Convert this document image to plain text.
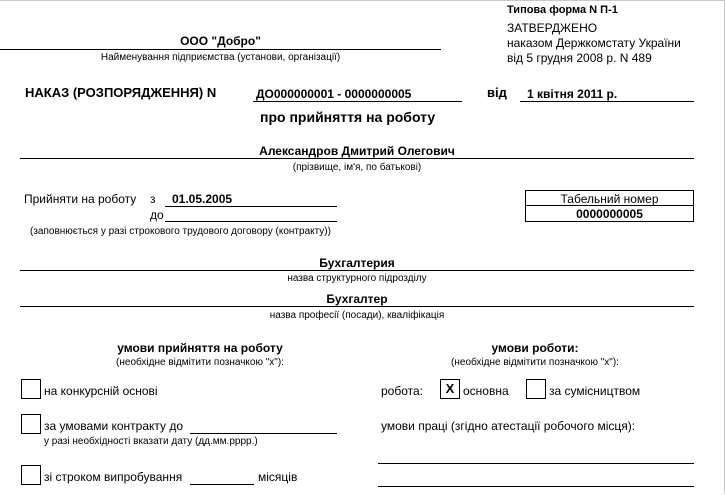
Типова форма N П-1
ЗАТВЕРДЖЕНО
наказом Держкомстату України
від 5 грудня 2008 р. N 489
ООО "Добро"
Найменування підприємства (установи, організації)
НАКАЗ (РОЗПОРЯДЖЕННЯ) N	ДО000000001 - 0000000005	від 1 квітня 2011 р.
про прийняття на роботу
Александров Дмитрий Олегович
(прізвище, ім'я, по батькові)
Прийняти на роботу з 01.05.2005
до
(заповнюється у разі строкового трудового договору (контракту))
Табельний номер
0000000005
Бухгалтерия
назва структурного підрозділу
Бухгалтер
назва професії (посади), кваліфікація
умови прийняття на роботу
(необхідне відмітити позначкою "х"):
на конкурсній основі
за умовами контракту до
у разі необхідності вказати дату (дд.мм.рррр.)
зі строком випробування	місяців
умови роботи:
(необхідне відмітити позначкою "х"):
робота:	X основна	за сумісництвом
умови праці (згідно атестації робочого місця):
